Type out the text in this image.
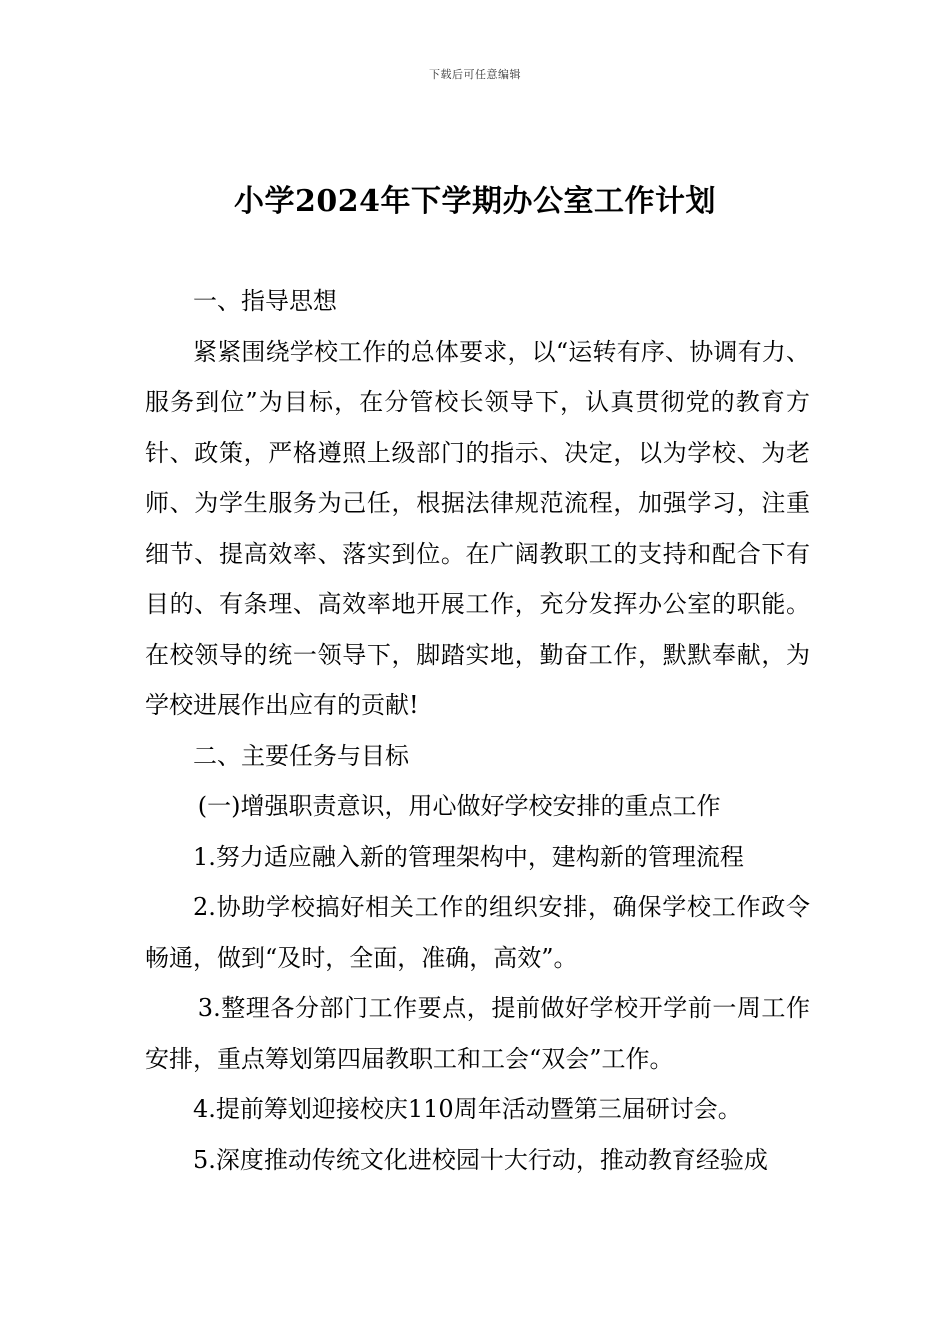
下载后可任意编辑
小学2024年下学期办公室工作计划

一、指导思想

紧紧围绕学校工作的总体要求，以“运转有序、协调有力、服务到位”为目标，在分管校长领导下，认真贯彻党的教育方针、政策，严格遵照上级部门的指示、决定，以为学校、为老师、为学生服务为己任，根据法律规范流程，加强学习，注重细节、提高效率、落实到位。在广阔教职工的支持和配合下有目的、有条理、高效率地开展工作，充分发挥办公室的职能。在校领导的统一领导下，脚踏实地，勤奋工作，默默奉献，为学校进展作出应有的贡献!

二、主要任务与目标

(一)增强职责意识，用心做好学校安排的重点工作

1.努力适应融入新的管理架构中，建构新的管理流程

2.协助学校搞好相关工作的组织安排，确保学校工作政令畅通，做到“及时，全面，准确，高效”。

3.整理各分部门工作要点，提前做好学校开学前一周工作安排，重点筹划第四届教职工和工会“双会”工作。

4.提前筹划迎接校庆110周年活动暨第三届研讨会。

5.深度推动传统文化进校园十大行动，推动教育经验成
